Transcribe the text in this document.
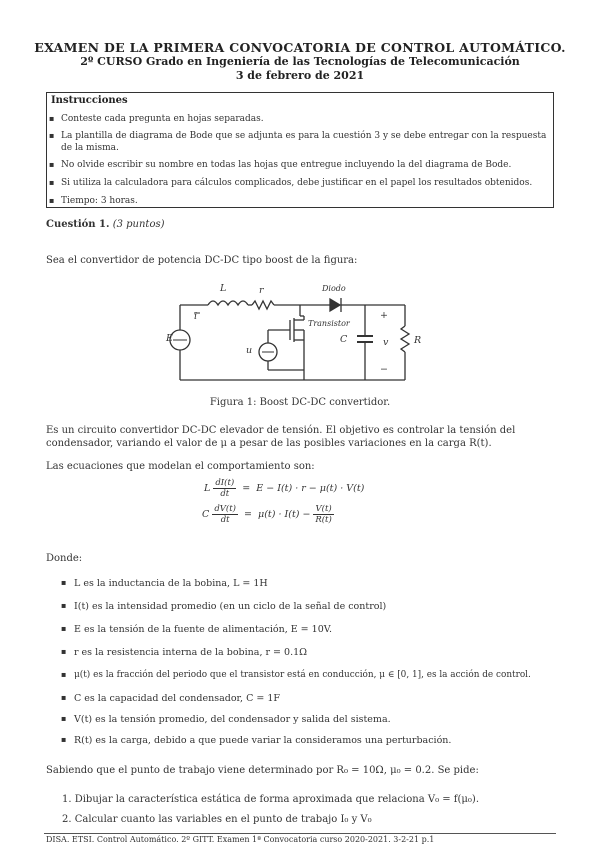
EXAMEN DE LA PRIMERA CONVOCATORIA DE CONTROL AUTOMÁTICO.
2º CURSO Grado en Ingeniería de las Tecnologías de Telecomunicación
3 de febrero de 2021
Instrucciones
▪ Conteste cada pregunta en hojas separadas.
▪ La plantilla de diagrama de Bode que se adjunta es para la cuestión 3 y se debe entregar con la respuesta de la misma.
▪ No olvide escribir su nombre en todas las hojas que entregue incluyendo la del diagrama de Bode.
▪ Si utiliza la calculadora para cálculos complicados, debe justificar en el papel los resultados obtenidos.
▪ Tiempo: 3 horas.
Cuestión 1. (3 puntos)
Sea el convertidor de potencia DC-DC tipo boost de la figura:
L	r	Diodo
i
E
u
Transistor
C
+
v
−
R
Figura 1: Boost DC-DC convertidor.
Es un circuito convertidor DC-DC elevador de tensión. El objetivo es controlar la tensión del condensador, variando el valor de μ a pesar de las posibles variaciones en la carga R(t).
Las ecuaciones que modelan el comportamiento son:
L $\frac{dI(t)}{dt} = E - I(t) \cdot r - \mu(t) \cdot V(t)$
C $\frac{dV(t)}{dt} = \mu(t) \cdot I(t) - \frac{V(t)}{R(t)}$
Donde:
▪ L es la inductancia de la bobina, L = 1H
▪ I(t) es la intensidad promedio (en un ciclo de la señal de control)
▪ E es la tensión de la fuente de alimentación, E = 10V.
▪ r es la resistencia interna de la bobina, r = 0.1Ω
▪ μ(t) es la fracción del periodo que el transistor está en conducción, μ ∈ [0, 1], es la acción de control.
▪ C es la capacidad del condensador, C = 1F
▪ V(t) es la tensión promedio, del condensador y salida del sistema.
▪ R(t) es la carga, debido a que puede variar la consideramos una perturbación.
Sabiendo que el punto de trabajo viene determinado por R₀ = 10Ω, μ₀ = 0.2. Se pide:
1. Dibujar la característica estática de forma aproximada que relaciona V₀ = f(μ₀).
2. Calcular cuanto las variables en el punto de trabajo I₀ y V₀
DISA. ETSI. Control Automático. 2º GITT. Examen 1ª Convocatoria curso 2020-2021. 3-2-21 p.1
